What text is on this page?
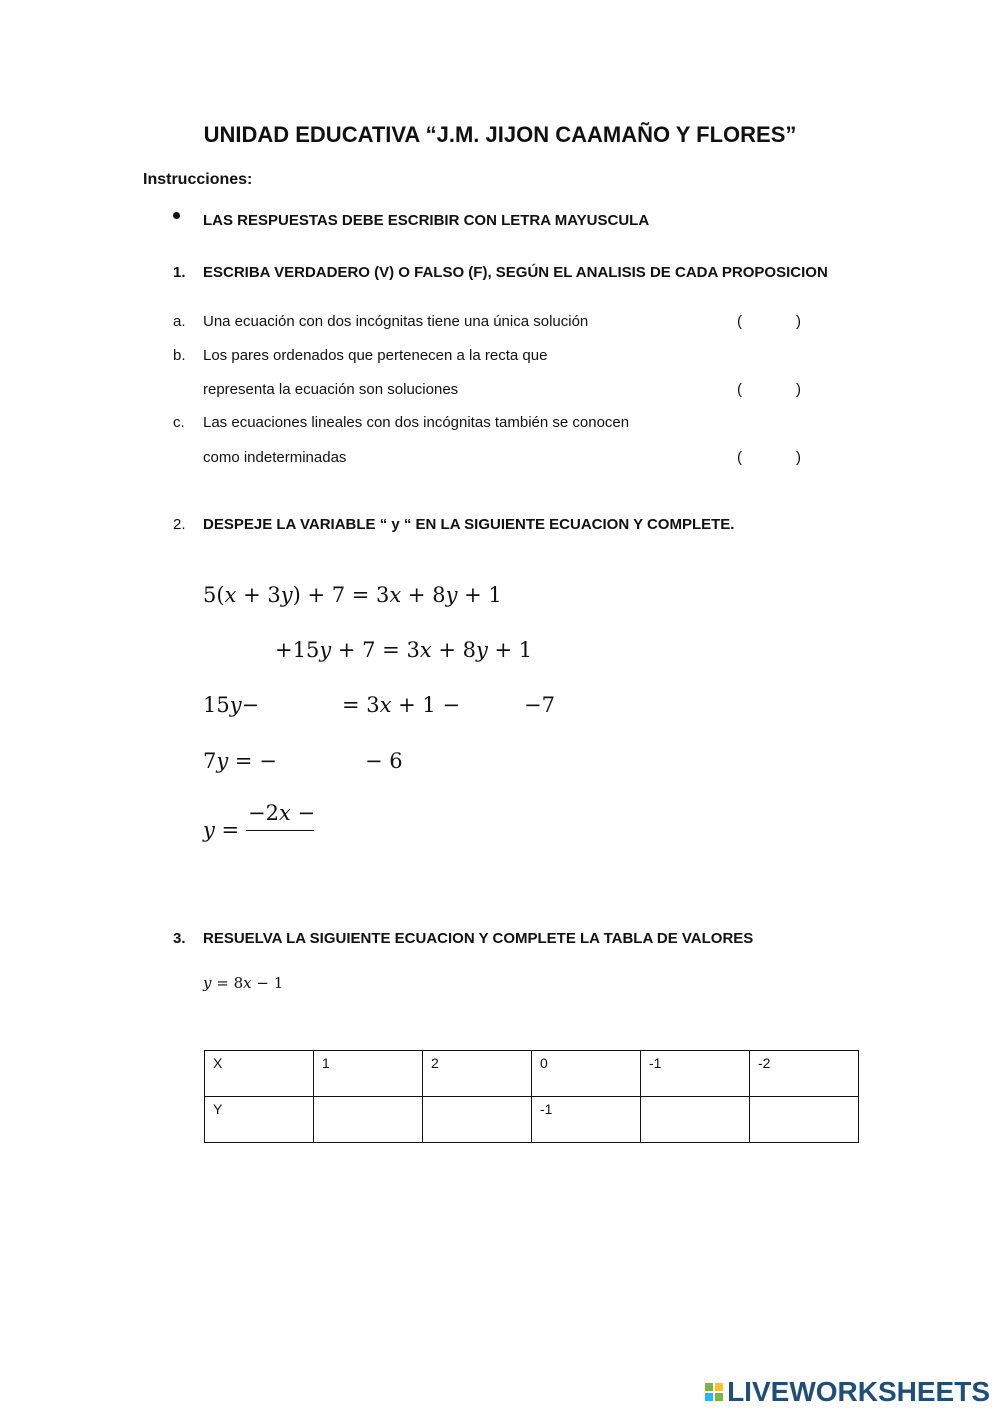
UNIDAD EDUCATIVA “J.M. JIJON CAAMAÑO Y FLORES”
Instrucciones:
LAS RESPUESTAS DEBE ESCRIBIR CON LETRA MAYUSCULA
1. ESCRIBA VERDADERO (V) O FALSO (F), SEGÚN EL ANALISIS DE CADA PROPOSICION
a. Una ecuación con dos incógnitas tiene una única solución	(	)
b. Los pares ordenados que pertenecen a la recta que
representa la ecuación son soluciones	(	)
c. Las ecuaciones lineales con dos incógnitas también se conocen
como indeterminadas	(	)
2. DESPEJE LA VARIABLE “ y “ EN LA SIGUIENTE ECUACION Y COMPLETE.
5(x + 3y) + 7 = 3x + 8y + 1
+15y + 7 = 3x + 8y + 1
15y−	= 3x + 1 −	−7
7y = −	− 6
y =
−2x −
3. RESUELVA LA SIGUIENTE ECUACION Y COMPLETE LA TABLA DE VALORES
y = 8x − 1
X	1	2	0	-1	-2
Y			-1		
LIVEWORKSHEETS
